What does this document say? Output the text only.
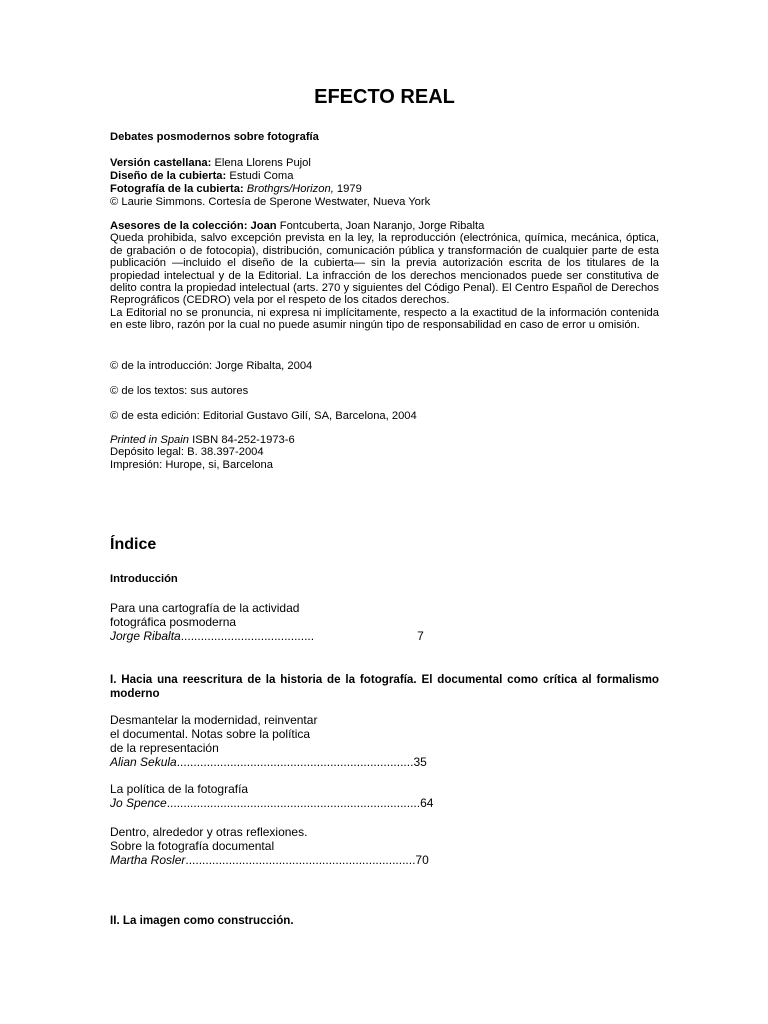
EFECTO REAL
Debates posmodernos sobre fotografía
Versión castellana: Elena Llorens Pujol
Diseño de la cubierta: Estudi Coma
Fotografía de la cubierta: Brothgrs/Horizon, 1979
© Laurie Simmons. Cortesía de Sperone Westwater, Nueva York
Asesores de la colección: Joan Fontcuberta, Joan Naranjo, Jorge Ribalta
Queda prohibida, salvo excepción prevista en la ley, la reproducción (electrónica, química, mecánica, óptica, de grabación o de fotocopia), distribución, comunicación pública y transformación de cualquier parte de esta publicación —incluido el diseño de la cubierta— sin la previa autorización escrita de los titulares de la propiedad intelectual y de la Editorial. La infracción de los derechos mencionados puede ser constitutiva de delito contra la propiedad intelectual (arts. 270 y siguientes del Código Penal). El Centro Español de Derechos Reprográficos (CEDRO) vela por el respeto de los citados derechos.
La Editorial no se pronuncia, ni expresa ni implícitamente, respecto a la exactitud de la información contenida en este libro, razón por la cual no puede asumir ningún tipo de responsabilidad en caso de error u omisión.
© de la introducción: Jorge Ribalta, 2004
© de los textos: sus autores
© de esta edición: Editorial Gustavo Gilí, SA, Barcelona, 2004
Printed in Spain ISBN 84-252-1973-6
Depósito legal: B. 38.397-2004
Impresión: Hurope, si, Barcelona
Índice
Introducción
Para una cartografía de la actividad
fotográfica posmoderna
Jorge Ribalta........................................	7
I. Hacia una reescritura de la historia de la fotografía. El documental como crítica al formalismo moderno
Desmantelar la modernidad, reinventar
el documental. Notas sobre la política
de la representación
Alian Sekula.......................................................................35
La política de la fotografía
Jo Spence............................................................................64
Dentro, alrededor y otras reflexiones.
Sobre la fotografía documental
Martha Rosler.....................................................................70
II. La imagen como construcción.
